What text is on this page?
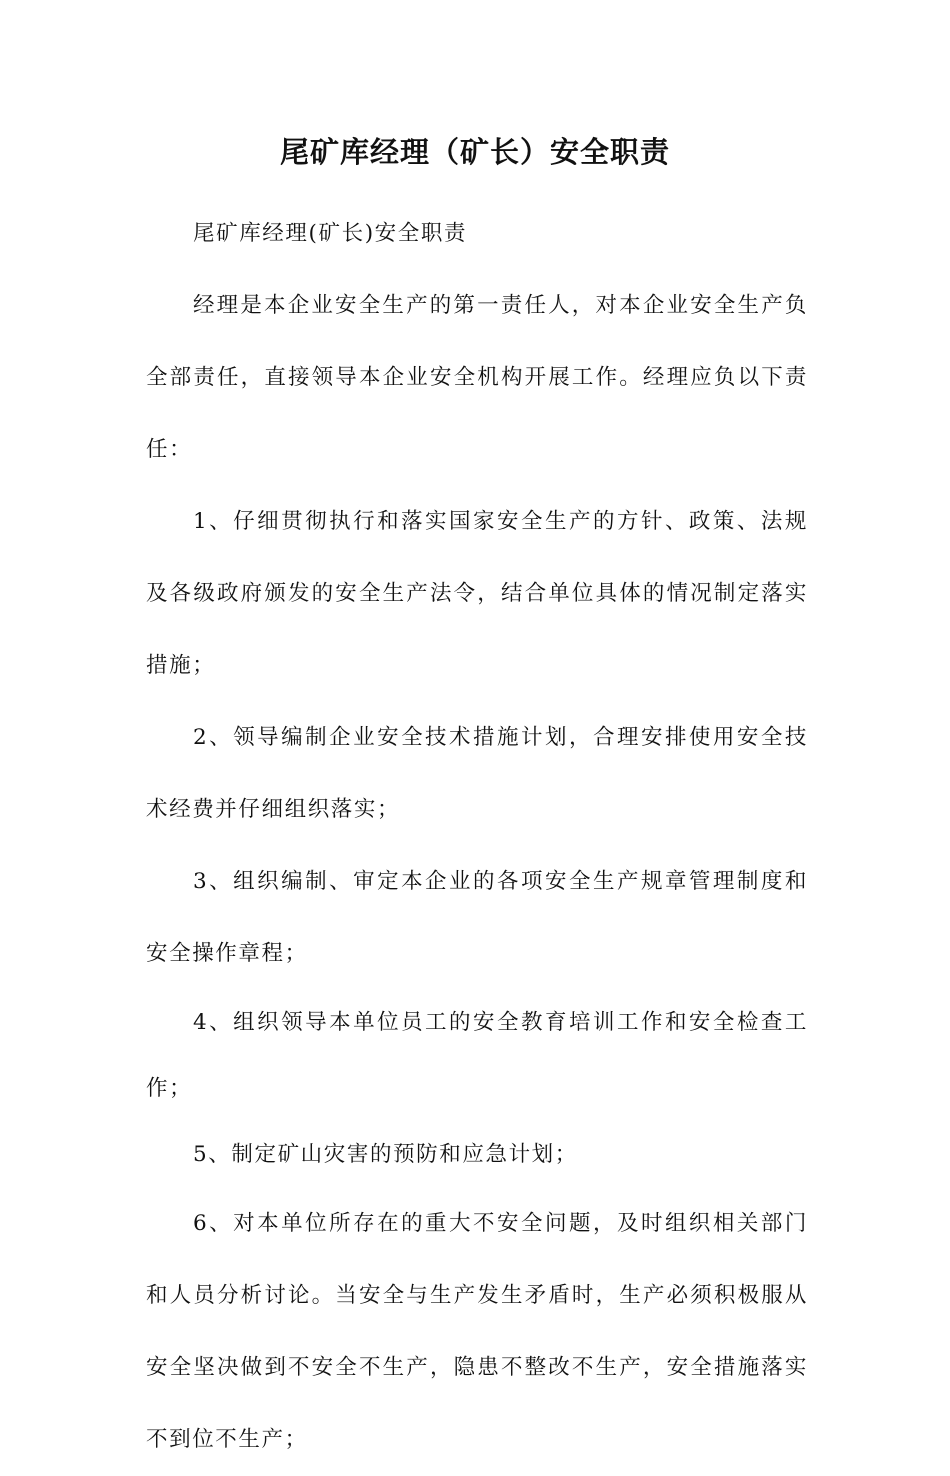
尾矿库经理（矿长）安全职责

尾矿库经理(矿长)安全职责

经理是本企业安全生产的第一责任人，对本企业安全生产负全部责任，直接领导本企业安全机构开展工作。经理应负以下责任：

1、仔细贯彻执行和落实国家安全生产的方针、政策、法规及各级政府颁发的安全生产法令，结合单位具体的情况制定落实措施；

2、领导编制企业安全技术措施计划，合理安排使用安全技术经费并仔细组织落实；

3、组织编制、审定本企业的各项安全生产规章管理制度和安全操作章程；

4、组织领导本单位员工的安全教育培训工作和安全检查工作；

5、制定矿山灾害的预防和应急计划；

6、对本单位所存在的重大不安全问题，及时组织相关部门和人员分析讨论。当安全与生产发生矛盾时，生产必须积极服从安全坚决做到不安全不生产，隐患不整改不生产，安全措施落实不到位不生产；
